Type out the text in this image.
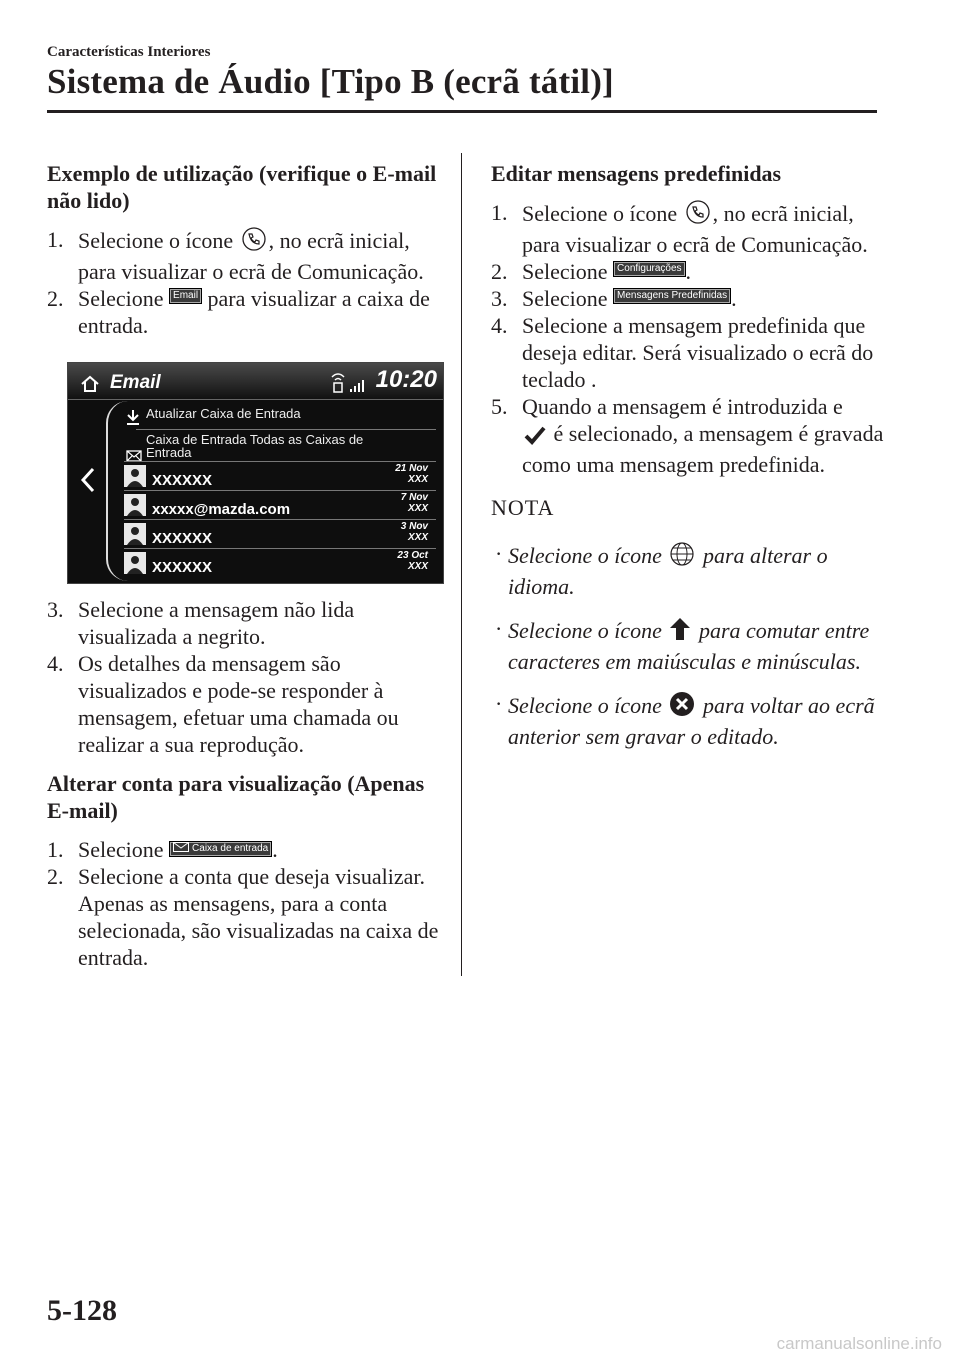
Características Interiores
Sistema de Áudio [Tipo B (ecrã tátil)]

Exemplo de utilização (verifique o E-mail não lido)

1. Selecione o ícone , no ecrã inicial, para visualizar o ecrã de Comunicação.

2. Selecione Email para visualizar a caixa de entrada.

Email	10:20
Atualizar Caixa de Entrada
Caixa de Entrada Todas as Caixas de Entrada
XXXXXX
21 Nov
XXX
xxxxx@mazda.com
7 Nov
XXX
XXXXXX
3 Nov
XXX
XXXXXX
23 Oct
XXX

3. Selecione a mensagem não lida visualizada a negrito.

4. Os detalhes da mensagem são visualizados e pode-se responder à mensagem, efetuar uma chamada ou realizar a sua reprodução.

Alterar conta para visualização (Apenas E-mail)

1. Selecione	Caixa de entrada .

2. Selecione a conta que deseja visualizar. Apenas as mensagens, para a conta selecionada, são visualizadas na caixa de entrada.

Editar mensagens predefinidas

1. Selecione o ícone , no ecrã inicial, para visualizar o ecrã de Comunicação.

2. Selecione Configurações .

3. Selecione Mensagens Predefinidas .

4. Selecione a mensagem predefinida que deseja editar. Será visualizado o ecrã do teclado .

5. Quando a mensagem é introduzida e
é selecionado, a mensagem é gravada como uma mensagem predefinida.

NOTA

· Selecione o ícone para alterar o idioma.

· Selecione o ícone para comutar entre caracteres em maiúsculas e minúsculas.

· Selecione o ícone para voltar ao ecrã anterior sem gravar o editado.

5-128
carmanualsonline.info
